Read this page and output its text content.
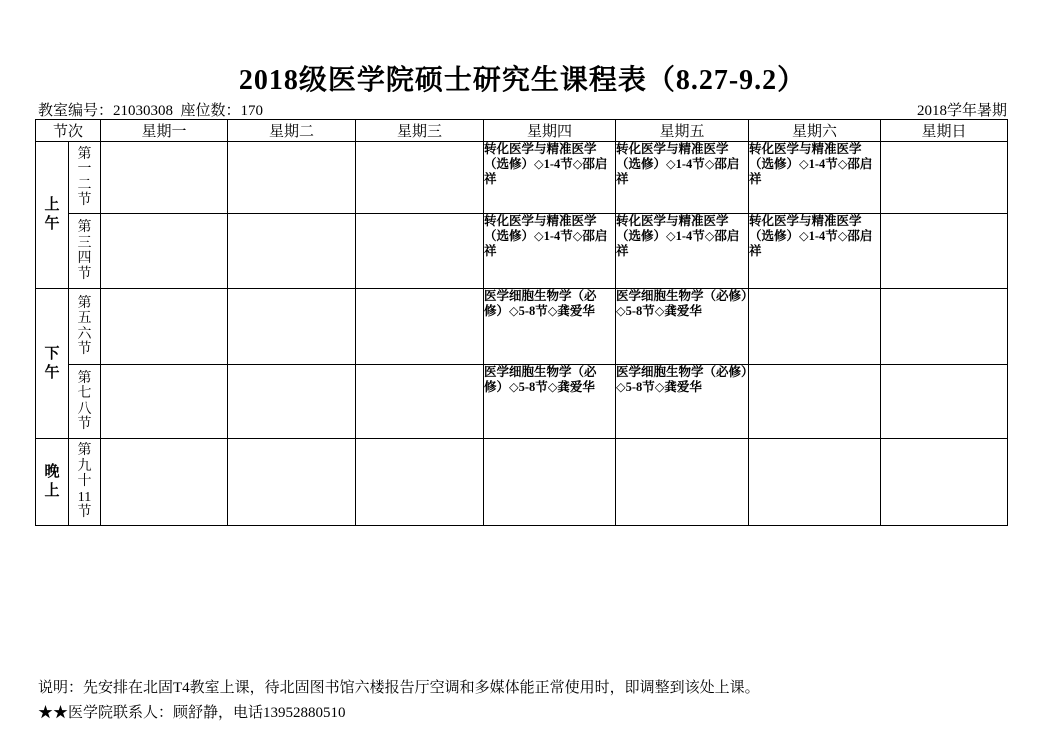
2018级医学院硕士研究生课程表（8.27-9.2）
教室编号：21030308  座位数：170	2018学年暑期
节次		星期一	星期二	星期三	星期四	星期五	星期六	星期日

上午	第一二节				转化医学与精准医学（选修）◇1-4节◇邵启祥	转化医学与精准医学（选修）◇1-4节◇邵启祥	转化医学与精准医学（选修）◇1-4节◇邵启祥	

	第三四节				转化医学与精准医学（选修）◇1-4节◇邵启祥	转化医学与精准医学（选修）◇1-4节◇邵启祥	转化医学与精准医学（选修）◇1-4节◇邵启祥	

下午	第五六节				医学细胞生物学（必修）◇5-8节◇龚爱华	医学细胞生物学（必修）◇5-8节◇龚爱华		

	第七八节				医学细胞生物学（必修）◇5-8节◇龚爱华	医学细胞生物学（必修）◇5-8节◇龚爱华		

晚上	第九十11节							

说明：先安排在北固T4教室上课，待北固图书馆六楼报告厅空调和多媒体能正常使用时，即调整到该处上课。
★★医学院联系人：顾舒静，电话13952880510
